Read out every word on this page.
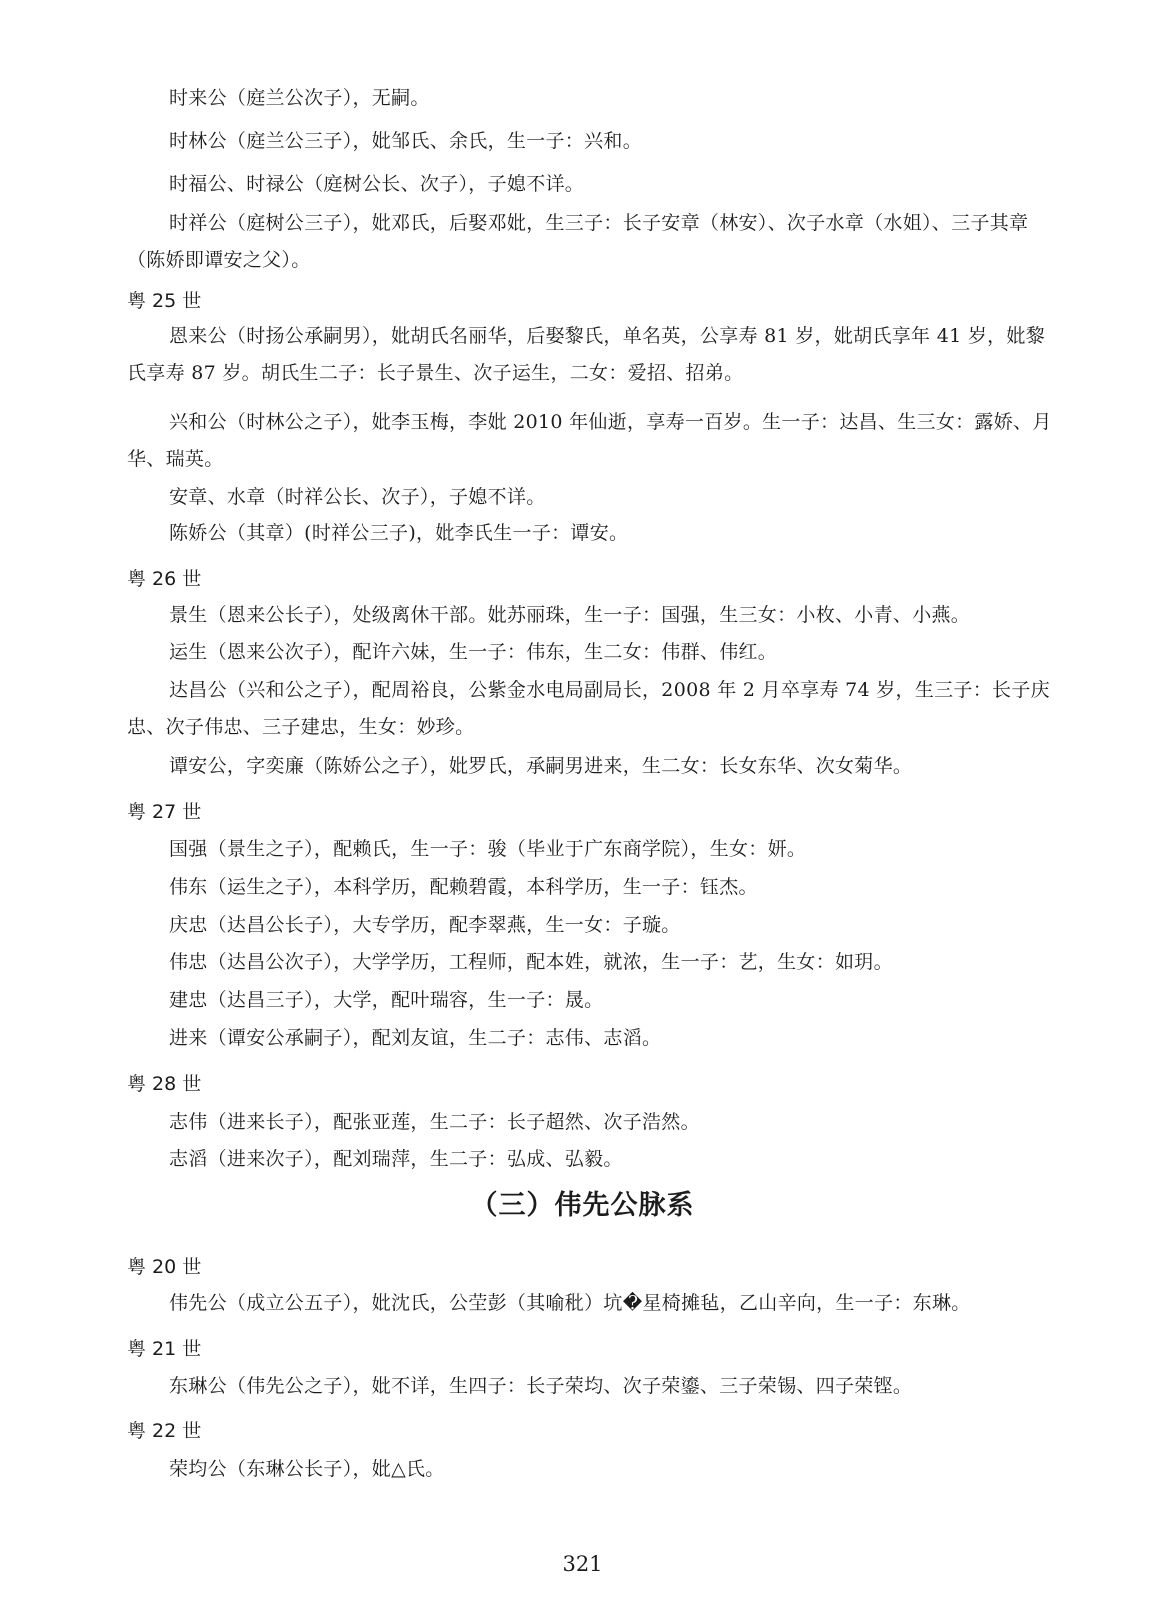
时来公（庭兰公次子），无嗣。
时林公（庭兰公三子），妣邹氏、余氏，生一子：兴和。
时福公、时禄公（庭树公长、次子），子媳不详。
时祥公（庭树公三子），妣邓氏，后娶邓妣，生三子：长子安章（林安）、次子水章（水姐）、三子其章（陈娇即谭安之父）。
粤 25 世
恩来公（时扬公承嗣男），妣胡氏名丽华，后娶黎氏，单名英，公享寿 81 岁，妣胡氏享年 41 岁，妣黎氏享寿 87 岁。胡氏生二子：长子景生、次子运生，二女：爱招、招弟。
兴和公（时林公之子），妣李玉梅，李妣 2010 年仙逝，享寿一百岁。生一子：达昌、生三女：露娇、月华、瑞英。
安章、水章（时祥公长、次子），子媳不详。
陈娇公（其章）(时祥公三子)，妣李氏生一子：谭安。
粤 26 世
景生（恩来公长子），处级离休干部。妣苏丽珠，生一子：国强，生三女：小枚、小青、小燕。
运生（恩来公次子），配许六妹，生一子：伟东，生二女：伟群、伟红。
达昌公（兴和公之子），配周裕良，公紫金水电局副局长，2008 年 2 月卒享寿 74 岁，生三子：长子庆忠、次子伟忠、三子建忠，生女：妙珍。
谭安公，字奕廉（陈娇公之子），妣罗氏，承嗣男进来，生二女：长女东华、次女菊华。
粤 27 世
国强（景生之子），配赖氏，生一子：骏（毕业于广东商学院），生女：妍。
伟东（运生之子），本科学历，配赖碧霞，本科学历，生一子：钰杰。
庆忠（达昌公长子），大专学历，配李翠燕，生一女：子璇。
伟忠（达昌公次子），大学学历，工程师，配本姓，就浓，生一子：艺，生女：如玥。
建忠（达昌三子），大学，配叶瑞容，生一子：晟。
进来（谭安公承嗣子），配刘友谊，生二子：志伟、志滔。
粤 28 世
志伟（进来长子），配张亚莲，生二子：长子超然、次子浩然。
志滔（进来次子），配刘瑞萍，生二子：弘成、弘毅。
粤 20 世
伟先公（成立公五子），妣沈氏，公茔彭（其喻秕）坑�星椅摊毡，乙山辛向，生一子：东琳。
粤 21 世
东琳公（伟先公之子），妣不详，生四子：长子荣均、次子荣鎏、三子荣锡、四子荣铿。
粤 22 世
荣均公（东琳公长子），妣△氏。
（三）伟先公脉系
321
